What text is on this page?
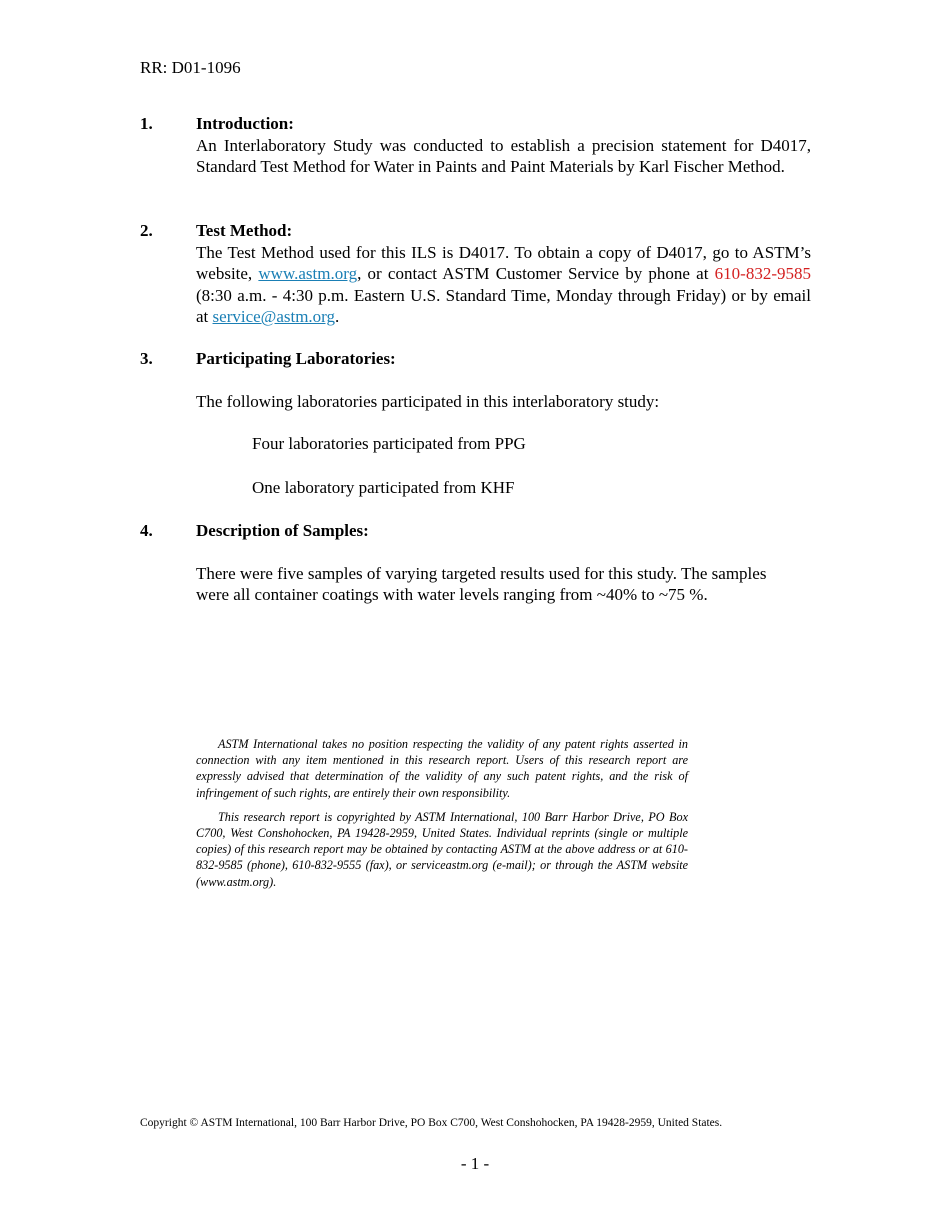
RR: D01-1096
1.	Introduction:
An Interlaboratory Study was conducted to establish a precision statement for D4017, Standard Test Method for Water in Paints and Paint Materials by Karl Fischer Method.
2.	Test Method:
The Test Method used for this ILS is D4017. To obtain a copy of D4017, go to ASTM’s website, www.astm.org, or contact ASTM Customer Service by phone at 610-832-9585 (8:30 a.m. - 4:30 p.m. Eastern U.S. Standard Time, Monday through Friday) or by email at service@astm.org.
3.	Participating Laboratories:
The following laboratories participated in this interlaboratory study:
Four laboratories participated from PPG
One laboratory participated from KHF
4.	Description of Samples:
There were five samples of varying targeted results used for this study. The samples were all container coatings with water levels ranging from ~40% to ~75 %.

ASTM International takes no position respecting the validity of any patent rights asserted in connection with any item mentioned in this research report. Users of this research report are expressly advised that determination of the validity of any such patent rights, and the risk of infringement of such rights, are entirely their own responsibility.

This research report is copyrighted by ASTM International, 100 Barr Harbor Drive, PO Box C700, West Conshohocken, PA 19428-2959, United States. Individual reprints (single or multiple copies) of this research report may be obtained by contacting ASTM at the above address or at 610-832-9585 (phone), 610-832-9555 (fax), or serviceastm.org (e-mail); or through the ASTM website (www.astm.org).

Copyright © ASTM International, 100 Barr Harbor Drive, PO Box C700, West Conshohocken, PA 19428-2959, United States.
- 1 -
